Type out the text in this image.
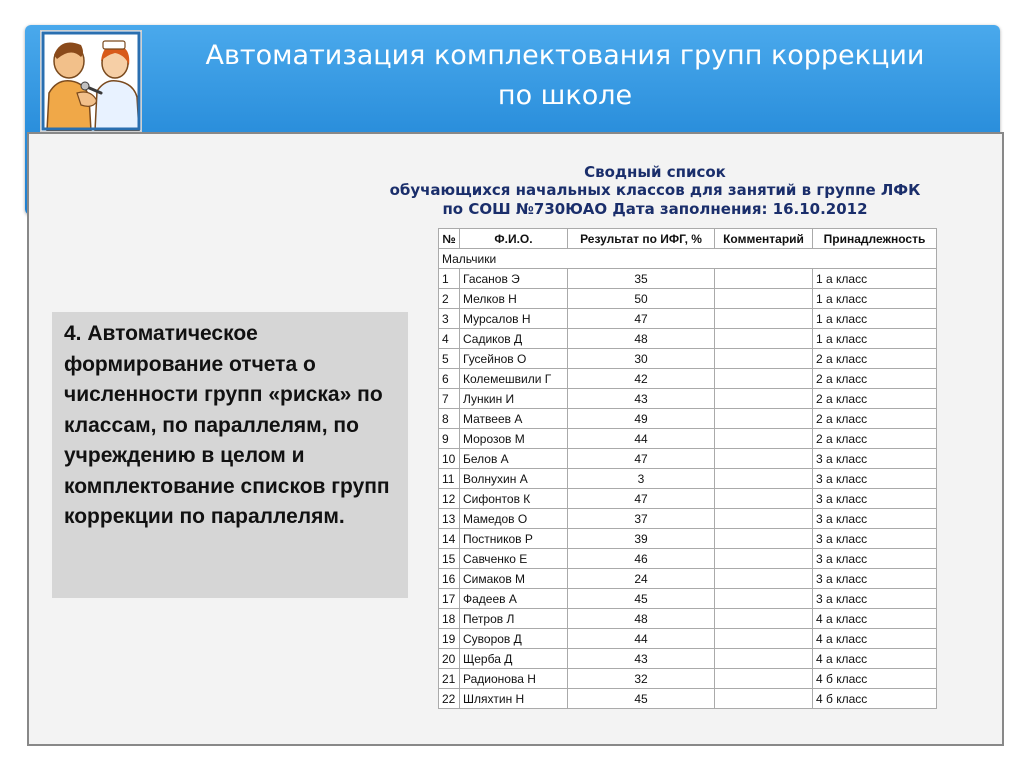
Автоматизация комплектования групп коррекции
по школе
Сводный список
обучающихся начальных классов для занятий в группе ЛФК
по СОШ №730ЮАО Дата заполнения: 16.10.2012

4. Автоматическое формирование отчета о численности групп «риска» по классам, по параллелям, по учреждению в целом и комплектование списков групп коррекции по параллелям.

№	Ф.И.О.	Результат по ИФГ, %	Комментарий	Принадлежность
Мальчики				
1	Гасанов Э	35		1 а класс
2	Мелков Н	50		1 а класс
3	Мурсалов Н	47		1 а класс
4	Садиков Д	48		1 а класс
5	Гусейнов О	30		2 а класс
6	Колемешвили Г	42		2 а класс
7	Лункин И	43		2 а класс
8	Матвеев А	49		2 а класс
9	Морозов М	44		2 а класс
10	Белов А	47		3 а класс
11	Волнухин А	3		3 а класс
12	Сифонтов К	47		3 а класс
13	Мамедов О	37		3 а класс
14	Постников Р	39		3 а класс
15	Савченко Е	46		3 а класс
16	Симаков М	24		3 а класс
17	Фадеев А	45		3 а класс
18	Петров Л	48		4 а класс
19	Суворов Д	44		4 а класс
20	Щерба Д	43		4 а класс
21	Радионова Н	32		4 б класс
22	Шляхтин Н	45		4 б класс
